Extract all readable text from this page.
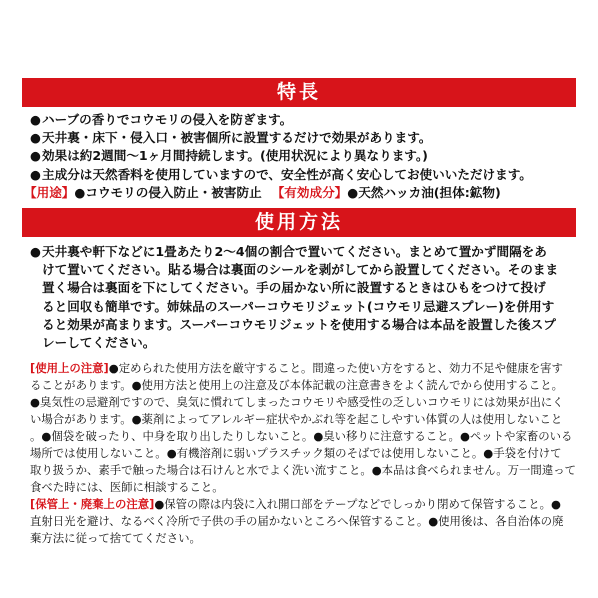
特長
●ハーブの香りでコウモリの侵入を防ぎます。
●天井裏・床下・侵入口・被害個所に設置するだけで効果があります。
●効果は約2週間〜1ヶ月間持続します。(使用状況により異なります。)
●主成分は天然香料を使用していますので、安全性が高く安心してお使いいただけます。
【用途】●コウモリの侵入防止・被害防止 【有効成分】●天然ハッカ油(担体:鉱物)
使用方法
●天井裏や軒下などに1畳あたり2〜4個の割合で置いてください。まとめて置かず間隔をあ
けて置いてください。貼る場合は裏面のシールを剥がしてから設置してください。そのまま
置く場合は裏面を下にしてください。手の届かない所に設置するときはひもをつけて投げ
ると回収も簡単です。姉妹品のスーパーコウモリジェット(コウモリ忌避スプレー)を併用す
ると効果が高まります。スーパーコウモリジェットを使用する場合は本品を設置した後スプ
レーしてください。
[使用上の注意]●定められた使用方法を厳守すること。間違った使い方をすると、効力不足や健康を害す
ることがあります。●使用方法と使用上の注意及び本体記載の注意書きをよく読んでから使用すること。
●臭気性の忌避剤ですので、臭気に慣れてしまったコウモリや感受性の乏しいコウモリには効果が出にく
い場合があります。●薬剤によってアレルギー症状やかぶれ等を起こしやすい体質の人は使用しないこと
。●個袋を破ったり、中身を取り出したりしないこと。●臭い移りに注意すること。●ペットや家畜のいる
場所では使用しないこと。●有機溶剤に弱いプラスチック類のそばでは使用しないこと。●手袋を付けて
取り扱うか、素手で触った場合は石けんと水でよく洗い流すこと。●本品は食べられません。万一間違って
食べた時には、医師に相談すること。
[保管上・廃棄上の注意]●保管の際は内袋に入れ開口部をテープなどでしっかり閉めて保管すること。●
直射日光を避け、なるべく冷所で子供の手の届かないところへ保管すること。●使用後は、各自治体の廃
棄方法に従って捨ててください。
